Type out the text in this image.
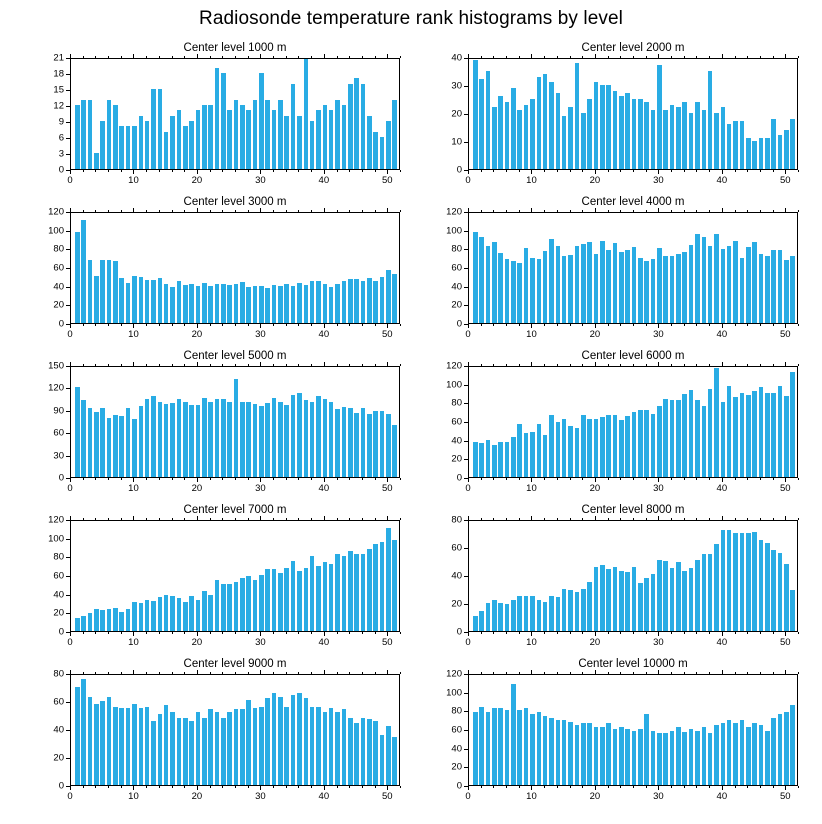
Radiosonde temperature rank histograms by level
Center level 1000 m
0
3
6
9
12
15
18
21
0	10	20	30	40	50
Center level 2000 m
0
10
20
30
40
0	10	20	30	40	50
Center level 3000 m
0
20
40
60
80
100
120
0	10	20	30	40	50
Center level 4000 m
0
20
40
60
80
100
120
0	10	20	30	40	50
Center level 5000 m
0
30
60
90
120
150
0	10	20	30	40	50
Center level 6000 m
0
20
40
60
80
100
120
0	10	20	30	40	50
Center level 7000 m
0
20
40
60
80
100
120
0	10	20	30	40	50
Center level 8000 m
0
20
40
60
80
0	10	20	30	40	50
Center level 9000 m
0
20
40
60
80
0	10	20	30	40	50
Center level 10000 m
0
20
40
60
80
100
120
0	10	20	30	40	50
